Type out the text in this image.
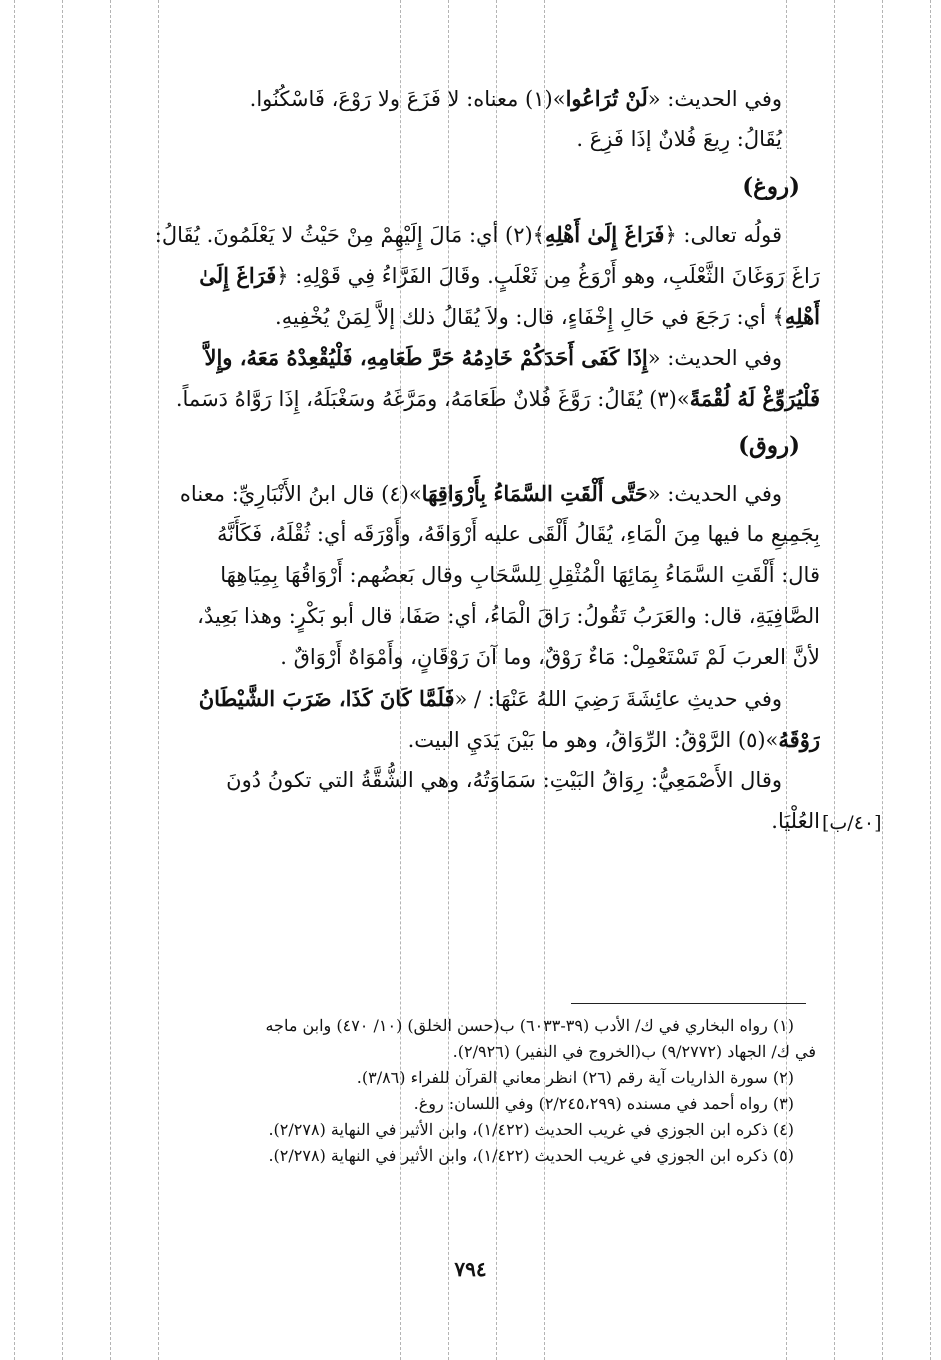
وفي الحديث: «لَنْ تُرَاعُوا»(١) معناه: لا فَزَعَ ولا رَوْعَ، فَاسْكُنُوا.
يُقَالُ: رِيعَ فُلانٌ إذَا فَزِعَ .
(روغ)
قولُه تعالى: ﴿فَرَاغَ إِلَىٰ أَهْلِهِ﴾(٢) أي: مَالَ إِلَيْهِمْ مِنْ حَيْثُ لا يَعْلَمُونَ. يُقَالُ:
رَاغَ رَوَغَانَ الثَّعْلَبِ، وهو أَرْوَغُ مِن ثَعْلَبٍ. وقَالَ الفَرَّاءُ فِي قَوْلِهِ: ﴿فَرَاغَ إِلَىٰ
أَهْلِهِ﴾ أي: رَجَعَ في حَالِ إِخْفَاءٍ، قال: ولاَ يُقَالُ ذلك إلاَّ لِمَنْ يُخْفِيهِ.
وفي الحديث: «إِذَا كَفَى أَحَدَكُمْ خَادِمُهُ حَرَّ طَعَامِهِ، فَلْيُقْعِدْهُ مَعَهُ، وإِلاَّ
فَلْيُرَوِّغْ لَهُ لُقْمَةً»(٣) يُقَالُ: رَوَّغَ فُلانٌ طَعَامَهُ، ومَرَّغَهُ وسَغْبَلَهُ، إِذَا رَوَّاهُ دَسَماً.
(روق)
وفي الحديث: «حَتَّى أَلْقَتِ السَّمَاءُ بِأَرْوَاقِهَا»(٤) قال ابنُ الأَنْبَارِيِّ: معناه
بِجَمِيعِ ما فيها مِنَ الْمَاءِ، يُقَالُ أَلْقَى عليه أَرْوَاقَهُ، وأَوْرَقَه أي: ثُقْلَهُ، فَكَأَنَّهُ
قال: أَلْقَتِ السَّمَاءُ بِمَائِهَا الْمُثْقِلِ لِلسَّحَابِ وقال بَعضُهم: أَرْوَاقُهَا بِمِيَاهِهَا
الصَّافِيَةِ، قال: والعَرَبُ تَقُولُ: رَاقَ الْمَاءُ، أي: صَفَا، قال أبو بَكْرٍ: وهذا بَعِيدٌ،
لأنَّ العربَ لَمْ تَسْتَعْمِلْ: مَاءٌ رَوْقٌ، وما آنَ رَوْقَانٍ، وأَمْوَاهٌ أَرْوَاقٌ .
وفي حديثِ عائِشَةَ رَضِيَ اللهُ عَنْهَا: / «فَلَمَّا كَانَ كَذَا، ضَرَبَ الشَّيْطَانُ
رَوْقَهُ»(٥) الرَّوْقُ: الرِّوَاقُ، وهو ما بَيْنَ يَدَيِ البيت.
وقال الأَصْمَعِيُّ: رِوَاقُ البَيْتِ: سَمَاوَتُهُ، وهي الشُّقَّةُ التي تكونُ دُونَ
العُلْيَا. [٤٠/ب]
(١) رواه البخاري في ك/ الأدب (٣٩-٦٠٣٣) ب(حسن الخلق) (١٠/ ٤٧٠) وابن ماجه
في ك/ الجهاد (٩/٢٧٧٢) ب(الخروج في النفير) (٢/٩٢٦).
(٢) سورة الذاريات آية رقم (٢٦) انظر معاني القرآن للفراء (٣/٨٦).
(٣) رواه أحمد في مسنده (٢/٢٤٥،٢٩٩) وفي اللسان: روغ.
(٤) ذكره ابن الجوزي في غريب الحديث (١/٤٢٢)، وابن الأثير في النهاية (٢/٢٧٨).
(٥) ذكره ابن الجوزي في غريب الحديث (١/٤٢٢)، وابن الأثير في النهاية (٢/٢٧٨).
٧٩٤
